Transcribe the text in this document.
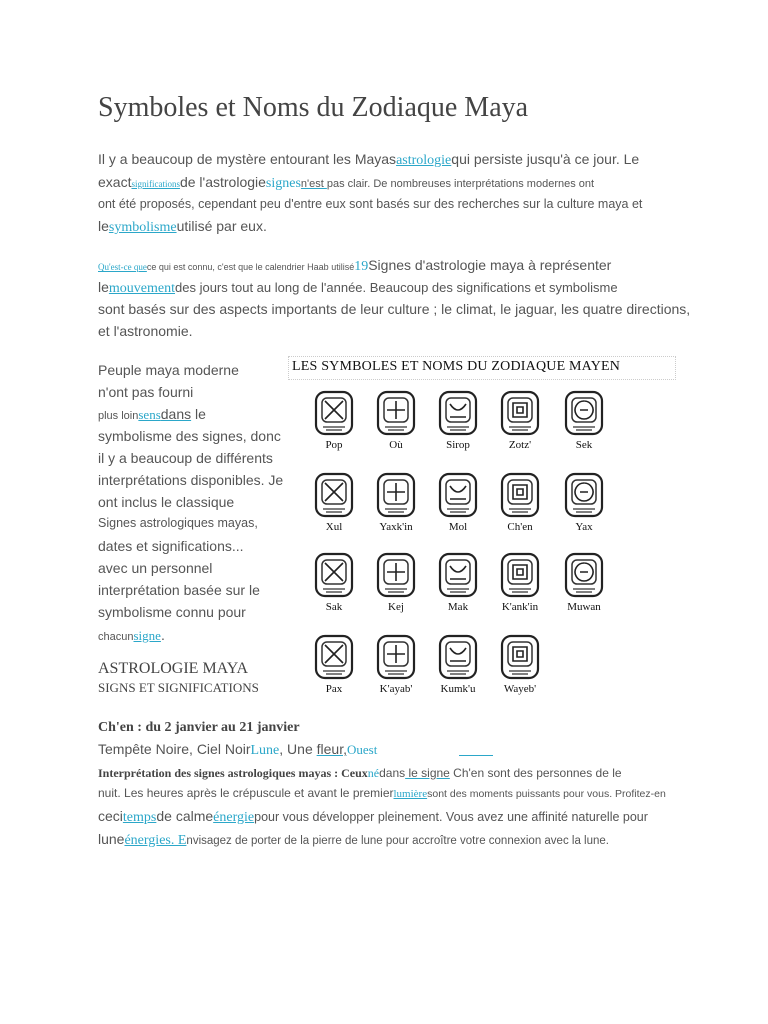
Symboles et Noms du Zodiaque Maya
Il y a beaucoup de mystère entourant les Mayasastrologiequi persiste jusqu'à ce jour. Le
exactsignificationsde l'astrologiesignesn'est pas clair. De nombreuses interprétations modernes ont
ont été proposés, cependant peu d'entre eux sont basés sur des recherches sur la culture maya et
lesymbolismeutilisé par eux.
Qu'est-ce quece qui est connu, c'est que le calendrier Haab utilisé19Signes d'astrologie maya à représenter
lemouvementdes jours tout au long de l'année. Beaucoup des significations et symbolisme
sont basés sur des aspects importants de leur culture ; le climat, le jaguar, les quatre directions,
et l'astronomie.
Peuple maya moderne
n'ont pas fourni
plus loinsensdans le
symbolisme des signes, donc
il y a beaucoup de différents
interprétations disponibles. Je
ont inclus le classique
Signes astrologiques mayas,
dates et significations...
avec un personnel
interprétation basée sur le
symbolisme connu pour
chacunsigne.
ASTROLOGIE MAYA
SIGNS ET SIGNIFICATIONS
LES SYMBOLES ET NOMS DU ZODIAQUE MAYEN
Pop	Où	Sirop	Zotz'	Sek
Xul	Yaxk'in	Mol	Ch'en	Yax
Sak	Kej	Mak	K'ank'in	Muwan
Pax	K'ayab'	Kumk'u	Wayeb'
Ch'en : du 2 janvier au 21 janvier
Tempête Noire, Ciel NoirLune, Une fleur,Ouest
Interprétation des signes astrologiques mayas : Ceuxnédans le signe Ch'en sont des personnes de le
nuit. Les heures après le crépuscule et avant le premierlumièresont des moments puissants pour vous. Profitez-en
cecitempsde calmeénergiepour vous développer pleinement. Vous avez une affinité naturelle pour
luneénergies. Envisagez de porter de la pierre de lune pour accroître votre connexion avec la lune.
